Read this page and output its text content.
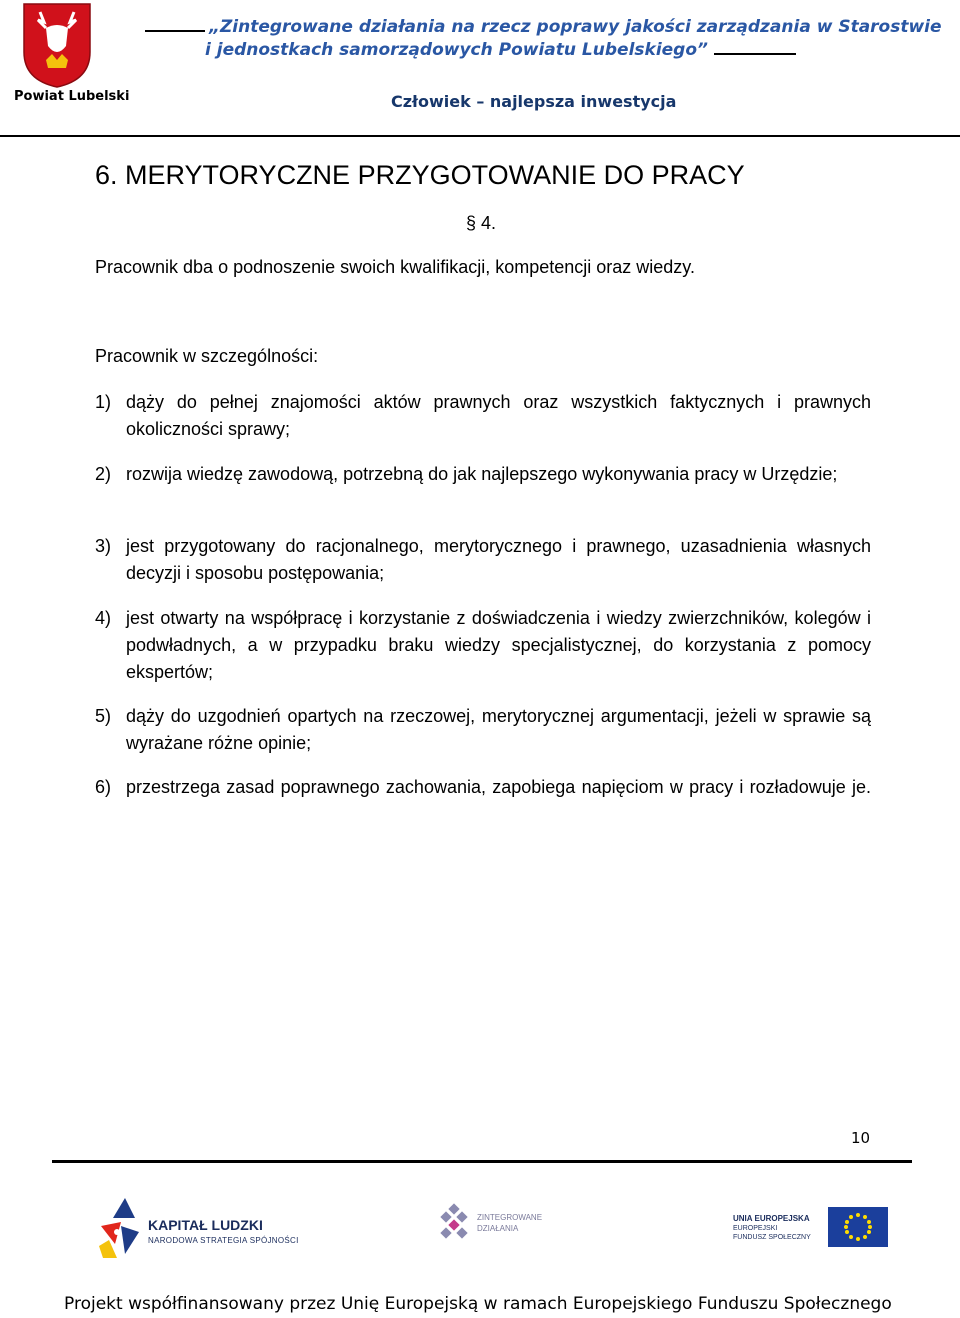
Powiat Lubelski
„Zintegrowane działania na rzecz poprawy jakości zarządzania w Starostwie
i jednostkach samorządowych Powiatu Lubelskiego”
Człowiek – najlepsza inwestycja
6. MERYTORYCZNE PRZYGOTOWANIE DO PRACY
§ 4.
Pracownik dba o podnoszenie swoich kwalifikacji, kompetencji oraz wiedzy.
Pracownik w szczególności:
1) dąży do pełnej znajomości aktów prawnych oraz wszystkich faktycznych i prawnych okoliczności sprawy;
2) rozwija wiedzę zawodową, potrzebną do jak najlepszego wykonywania pracy w Urzędzie;
3) jest przygotowany do racjonalnego, merytorycznego i prawnego, uzasadnienia własnych decyzji i sposobu postępowania;
4) jest otwarty na współpracę i korzystanie z doświadczenia i wiedzy zwierzchników, kolegów i podwładnych, a w przypadku braku wiedzy specjalistycznej, do korzystania z pomocy ekspertów;
5) dąży do uzgodnień opartych na rzeczowej, merytorycznej argumentacji, jeżeli w sprawie są wyrażane różne opinie;
6) przestrzega zasad poprawnego zachowania, zapobiega napięciom w pracy i rozładowuje je.
10
KAPITAŁ LUDZKI
NARODOWA STRATEGIA SPÓJNOŚCI
ZINTEGROWANE
DZIAŁANIA
UNIA EUROPEJSKA
EUROPEJSKI
FUNDUSZ SPOŁECZNY
Projekt współfinansowany przez Unię Europejską w ramach Europejskiego Funduszu Społecznego
